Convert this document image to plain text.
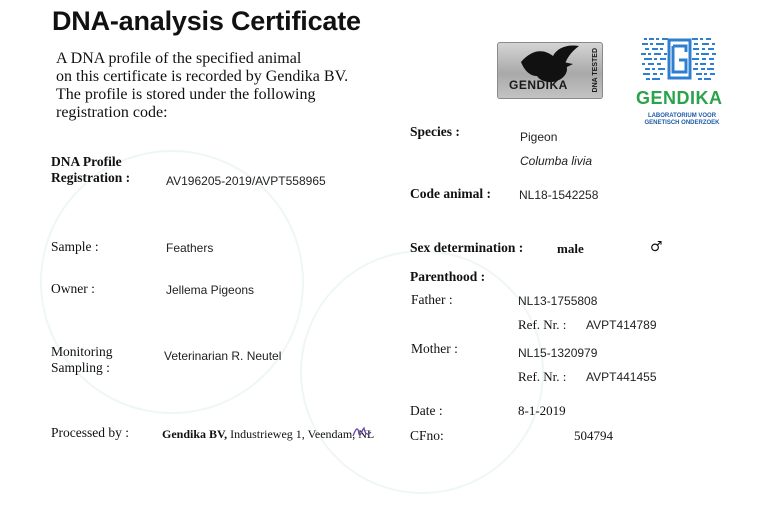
DNA-analysis Certificate
A DNA profile of the specified animal
on this certificate is recorded by Gendika BV.
The profile is stored under the following
registration code:
GENDIKA	DNA TESTED
GENDIKA
LABORATORIUM VOOR
GENETISCH ONDERZOEK
DNA Profile
Registration :	AV196205-2019/AVPT558965
Sample :	Feathers
Owner :	Jellema Pigeons
Monitoring
Sampling :
Veterinarian R. Neutel
Processed by :	Gendika BV, Industrieweg 1, Veendam, NL
Species :	Pigeon
Columba livia
Code animal : NL18-1542258
Sex determination :	male	♂
Parenthood :
Father :	NL13-1755808
Ref. Nr. : AVPT414789
Mother :	NL15-1320979
Ref. Nr. : AVPT441455
Date :	8-1-2019
CFno:	504794
